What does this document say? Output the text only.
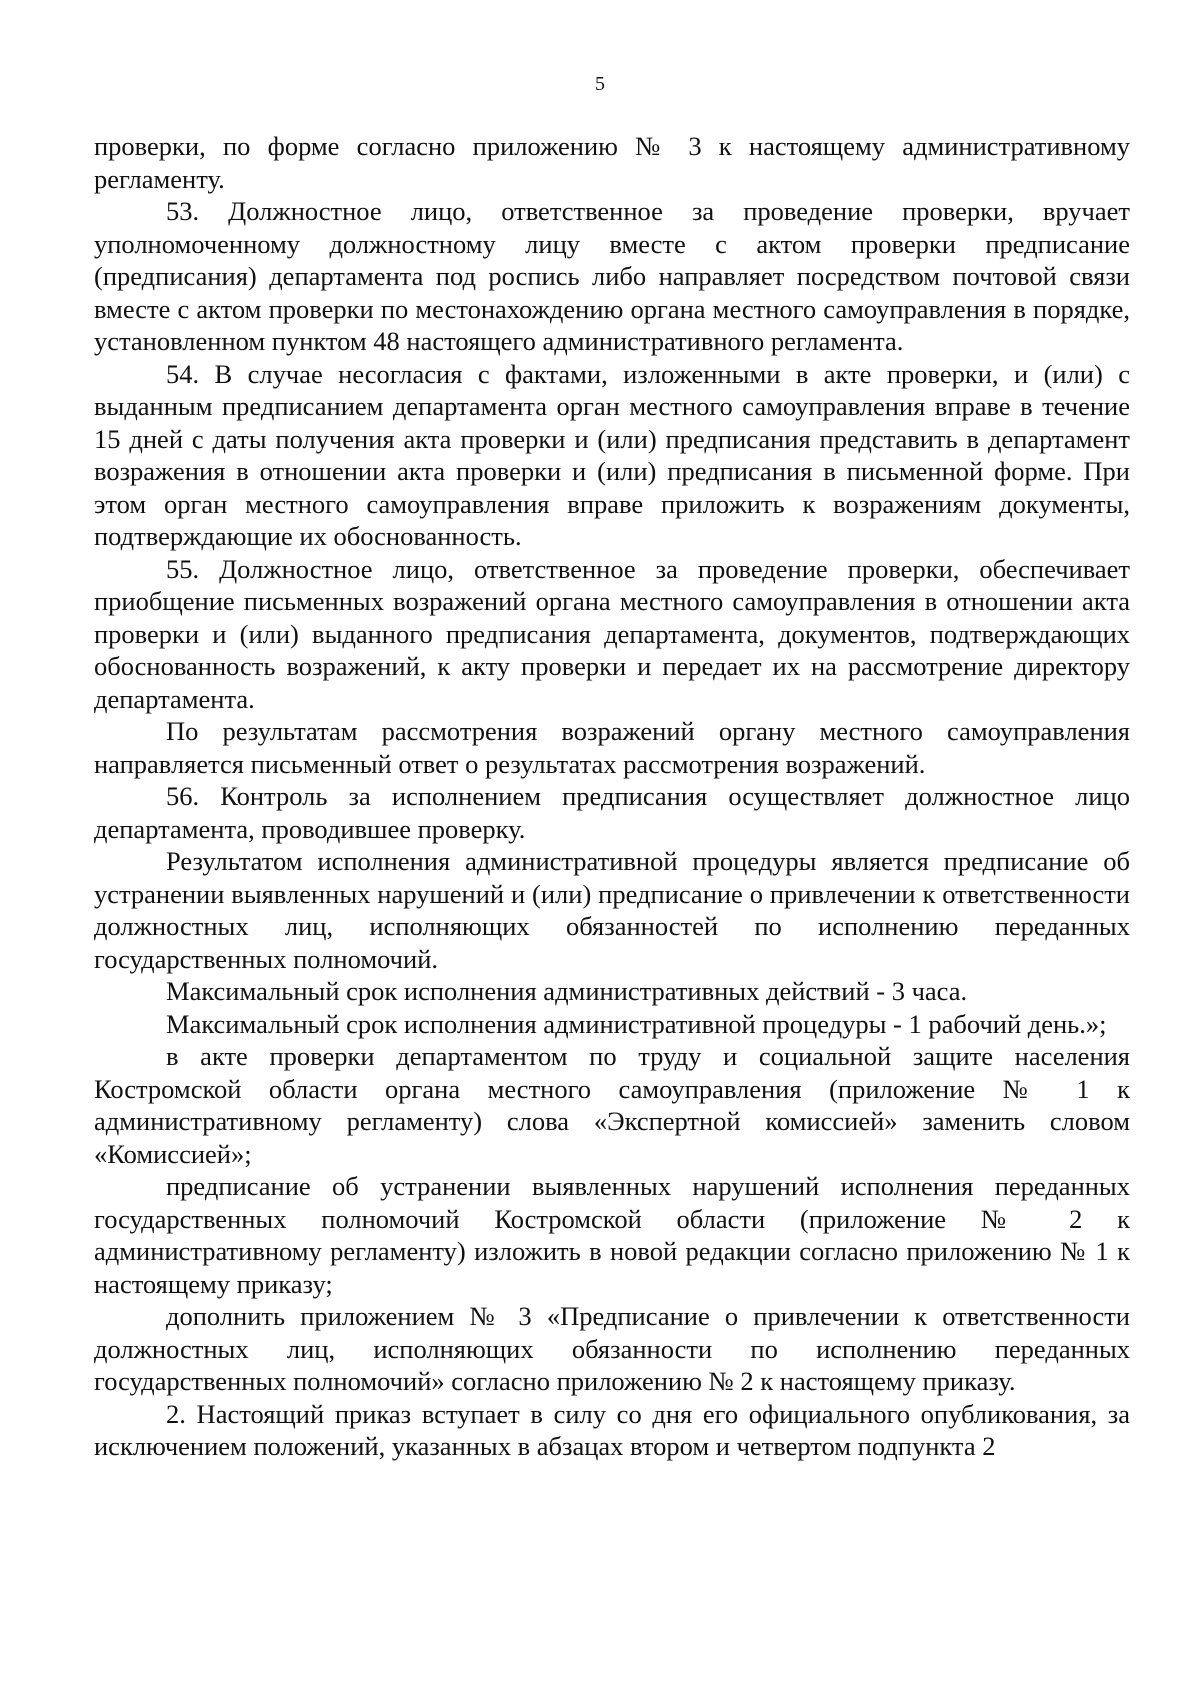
5

проверки, по форме согласно приложению № 3 к настоящему административному регламенту.

53. Должностное лицо, ответственное за проведение проверки, вручает уполномоченному должностному лицу вместе с актом проверки предписание (предписания) департамента под роспись либо направляет посредством почтовой связи вместе с актом проверки по местонахождению органа местного самоуправления в порядке, установленном пунктом 48 настоящего административного регламента.

54. В случае несогласия с фактами, изложенными в акте проверки, и (или) с выданным предписанием департамента орган местного самоуправления вправе в течение 15 дней с даты получения акта проверки и (или) предписания представить в департамент возражения в отношении акта проверки и (или) предписания в письменной форме. При этом орган местного самоуправления вправе приложить к возражениям документы, подтверждающие их обоснованность.

55. Должностное лицо, ответственное за проведение проверки, обеспечивает приобщение письменных возражений органа местного самоуправления в отношении акта проверки и (или) выданного предписания департамента, документов, подтверждающих обоснованность возражений, к акту проверки и передает их на рассмотрение директору департамента.

По результатам рассмотрения возражений органу местного самоуправления направляется письменный ответ о результатах рассмотрения возражений.

56. Контроль за исполнением предписания осуществляет должностное лицо департамента, проводившее проверку.

Результатом исполнения административной процедуры является предписание об устранении выявленных нарушений и (или) предписание о привлечении к ответственности должностных лиц, исполняющих обязанностей по исполнению переданных государственных полномочий.

Максимальный срок исполнения административных действий - 3 часа.

Максимальный срок исполнения административной процедуры - 1 рабочий день.»;

в акте проверки департаментом по труду и социальной защите населения Костромской области органа местного самоуправления (приложение № 1 к административному регламенту) слова «Экспертной комиссией» заменить словом «Комиссией»;

предписание об устранении выявленных нарушений исполнения переданных государственных полномочий Костромской области (приложение № 2 к административному регламенту) изложить в новой редакции согласно приложению № 1 к настоящему приказу;

дополнить приложением № 3 «Предписание о привлечении к ответственности должностных лиц, исполняющих обязанности по исполнению переданных государственных полномочий» согласно приложению № 2 к настоящему приказу.

2. Настоящий приказ вступает в силу со дня его официального опубликования, за исключением положений, указанных в абзацах втором и четвертом подпункта 2
